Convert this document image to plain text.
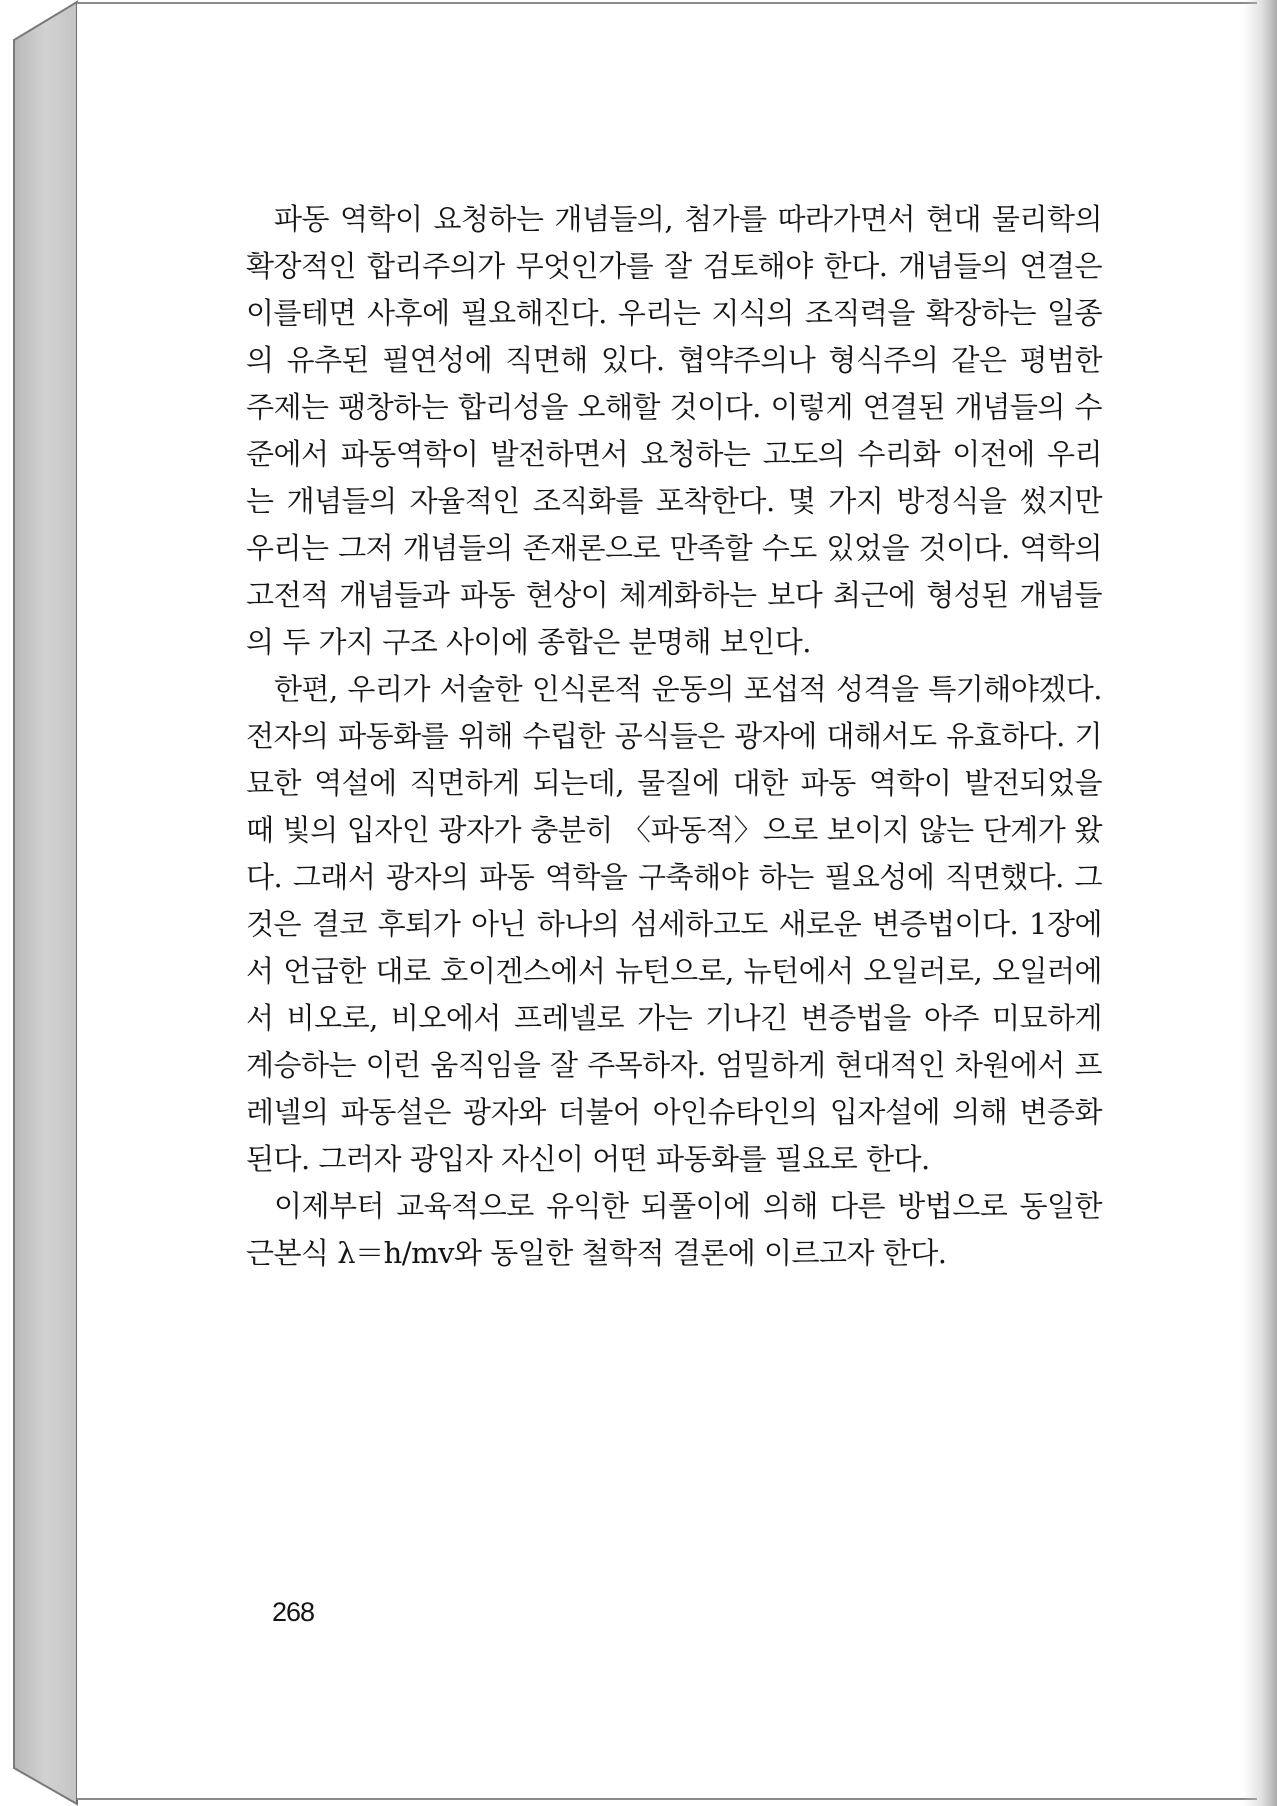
파동 역학이 요청하는 개념들의, 첨가를 따라가면서 현대 물리학의
확장적인 합리주의가 무엇인가를 잘 검토해야 한다. 개념들의 연결은
이를테면 사후에 필요해진다. 우리는 지식의 조직력을 확장하는 일종
의 유추된 필연성에 직면해 있다. 협약주의나 형식주의 같은 평범한
주제는 팽창하는 합리성을 오해할 것이다. 이렇게 연결된 개념들의 수
준에서 파동역학이 발전하면서 요청하는 고도의 수리화 이전에 우리
는 개념들의 자율적인 조직화를 포착한다. 몇 가지 방정식을 썼지만
우리는 그저 개념들의 존재론으로 만족할 수도 있었을 것이다. 역학의
고전적 개념들과 파동 현상이 체계화하는 보다 최근에 형성된 개념들
의 두 가지 구조 사이에 종합은 분명해 보인다.
한편, 우리가 서술한 인식론적 운동의 포섭적 성격을 특기해야겠다.
전자의 파동화를 위해 수립한 공식들은 광자에 대해서도 유효하다. 기
묘한 역설에 직면하게 되는데, 물질에 대한 파동 역학이 발전되었을
때 빛의 입자인 광자가 충분히 〈파동적〉으로 보이지 않는 단계가 왔
다. 그래서 광자의 파동 역학을 구축해야 하는 필요성에 직면했다. 그
것은 결코 후퇴가 아닌 하나의 섬세하고도 새로운 변증법이다. 1장에
서 언급한 대로 호이겐스에서 뉴턴으로, 뉴턴에서 오일러로, 오일러에
서 비오로, 비오에서 프레넬로 가는 기나긴 변증법을 아주 미묘하게
계승하는 이런 움직임을 잘 주목하자. 엄밀하게 현대적인 차원에서 프
레넬의 파동설은 광자와 더불어 아인슈타인의 입자설에 의해 변증화
된다. 그러자 광입자 자신이 어떤 파동화를 필요로 한다.
이제부터 교육적으로 유익한 되풀이에 의해 다른 방법으로 동일한
근본식 λ＝h/mv와 동일한 철학적 결론에 이르고자 한다.
268
